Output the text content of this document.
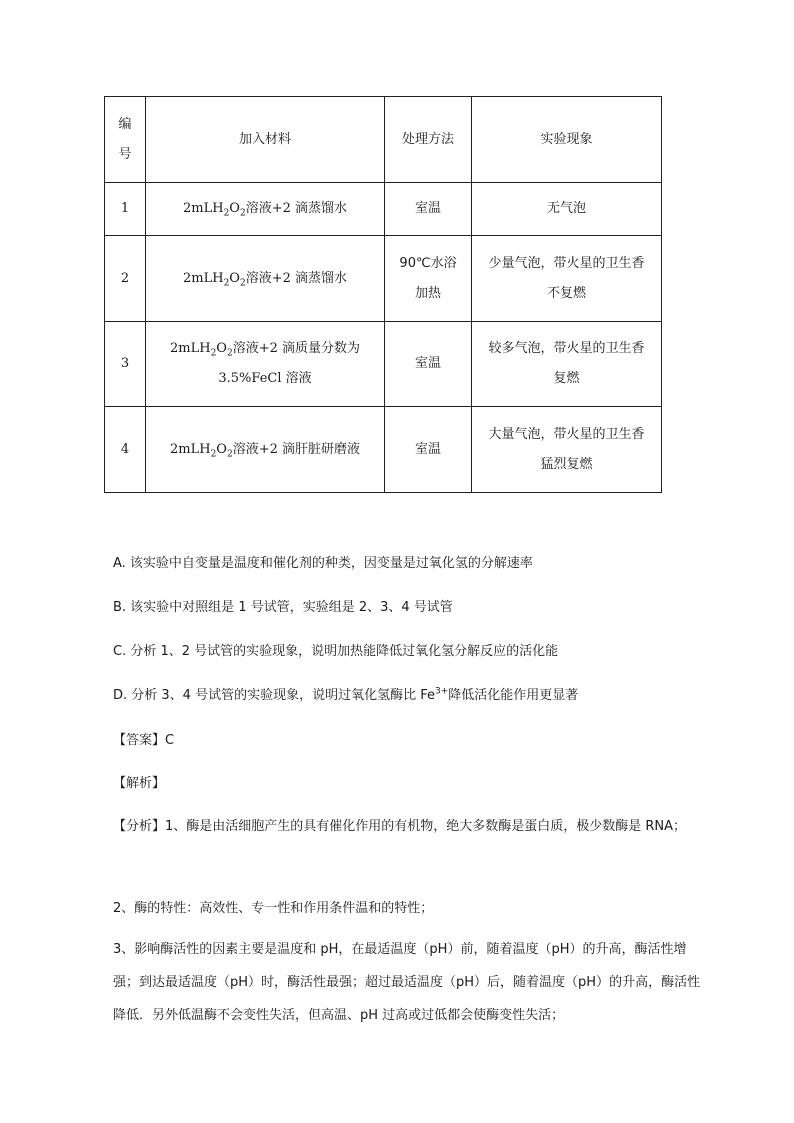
编号	加入材料	处理方法	实验现象
1	$2mLH_2O_2$溶液+2 滴蒸馏水	室温	无气泡
2	$2mLH_2O_2$溶液+2 滴蒸馏水	90℃水浴加热	少量气泡，带火星的卫生香不复燃

3	$2mLH_2O_2$溶液+2 滴质量分数为
3.5%FeCl 溶液	室温	较多气泡，带火星的卫生香复燃

4	$2mLH_2O_2$溶液+2 滴肝脏研磨液	室温	大量气泡，带火星的卫生香猛烈复燃
A. 该实验中自变量是温度和催化剂的种类，因变量是过氧化氢的分解速率
B. 该实验中对照组是 1 号试管，实验组是 2、3、4 号试管
C. 分析 1、2 号试管的实验现象，说明加热能降低过氧化氢分解反应的活化能
D. 分析 3、4 号试管的实验现象，说明过氧化氢酶比 $Fe^{3+}$降低活化能作用更显著
【答案】C
【解析】
【分析】1、酶是由活细胞产生的具有催化作用的有机物，绝大多数酶是蛋白质，极少数酶是 RNA；
2、酶的特性：高效性、专一性和作用条件温和的特性；
3、影响酶活性的因素主要是温度和 pH，在最适温度（pH）前，随着温度（pH）的升高，酶活性增强；到达最适温度（pH）时，酶活性最强；超过最适温度（pH）后，随着温度（pH）的升高，酶活性降低．另外低温酶不会变性失活，但高温、pH 过高或过低都会使酶变性失活；
